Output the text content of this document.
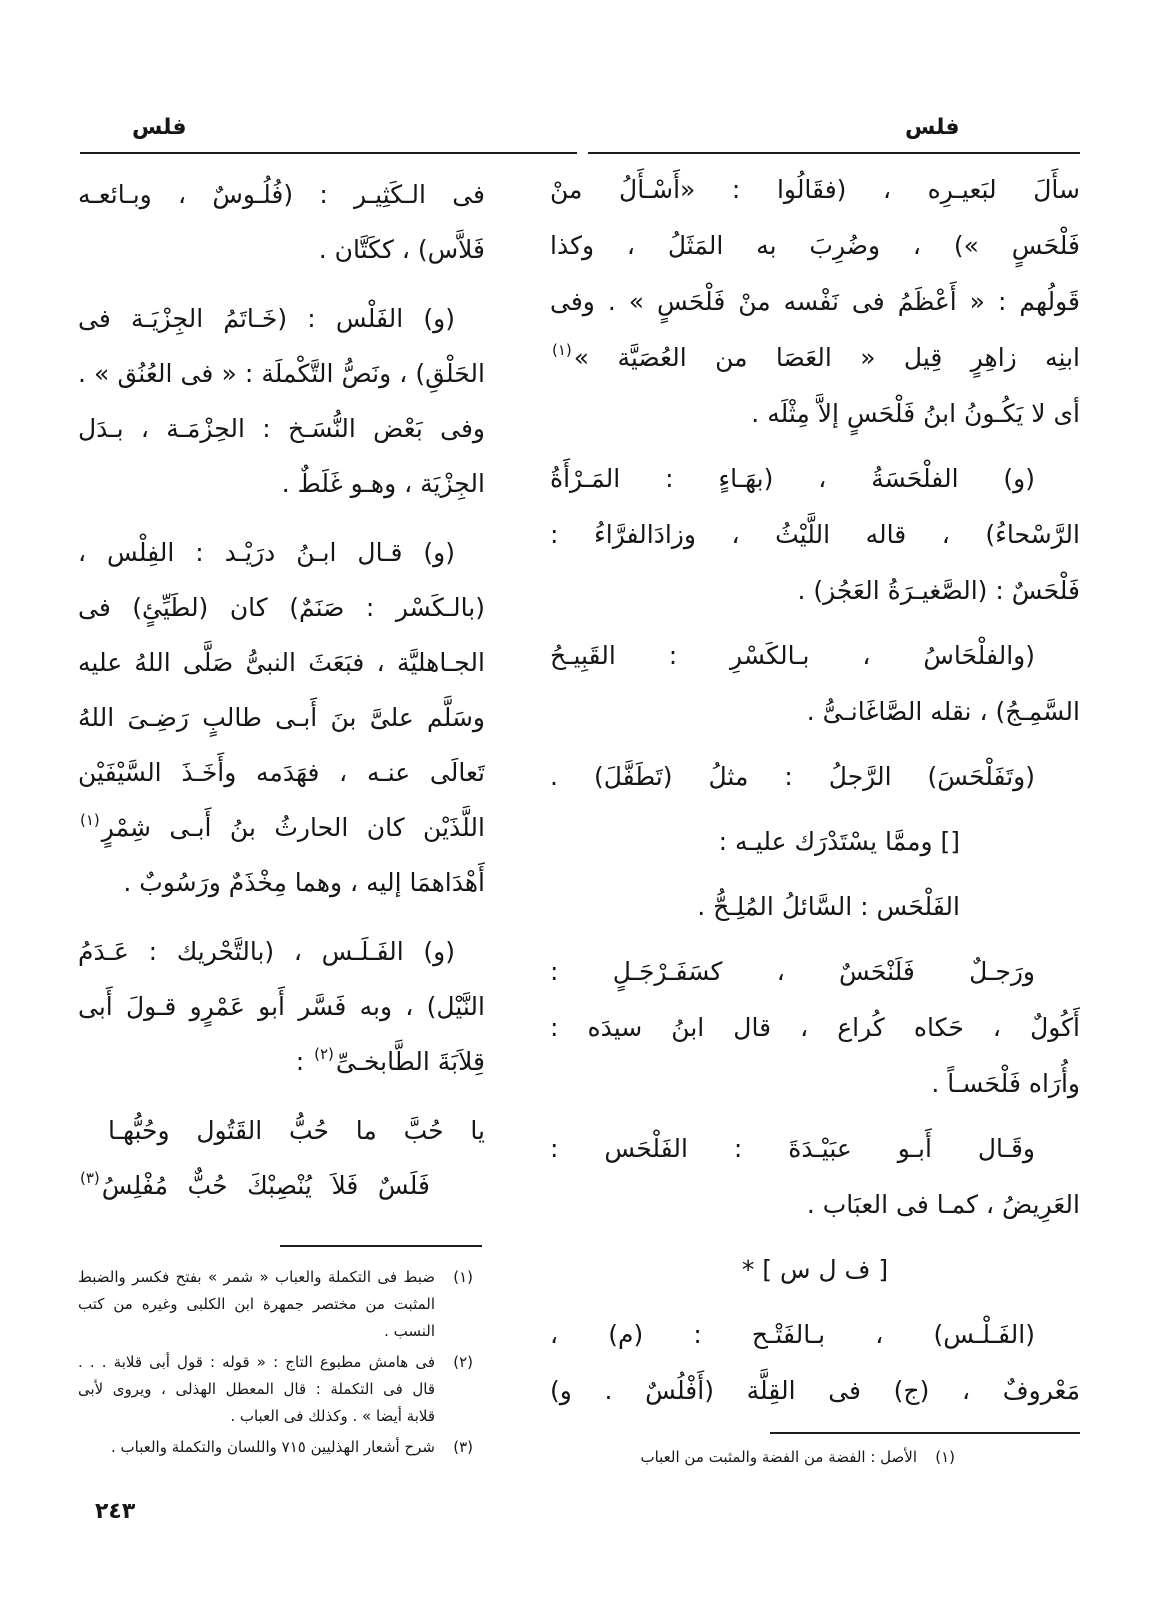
فلس	فلس
سأَلَ لبَعيـرِه ، (فقَالُوا : «أَسْـأَلُ منْ
فَلْحَسٍ ») ، وضُرِبَ به المَثَلُ ، وكذا
قَولُهم : « أَعْظَمُ فى نَفْسه منْ فَلْحَسٍ » . وفى
ابنِه زاهِرٍ قِيل « العَصَا من العُصَيَّة »$^{(١)}$
أى لا يَكُـونُ ابنُ فَلْحَسٍ إلاَّ مِثْلَه .
(و) الفلْحَسَةُ ، (بهَـاءٍ : المَـرْأَةُ
الرَّسْحاءُ) ، قاله اللَّيْثُ ، وزادَالفرَّاءُ :
فَلْحَسٌ : (الصَّغيـرَةُ العَجُز) .
(والفلْحَاسُ ، بـالكَسْرِ : القَبِيـحُ
السَّمِـجُ) ، نقله الصَّاغَانـىُّ .
(وتَفَلْحَسَ) الرَّجلُ : مثلُ (تَطَفَّلَ) .
[] وممَّا يسْتَدْرَك عليـه :
الفَلْحَس : السَّائلُ المُلِـحُّ .
ورَجـلٌ فَلَنْحَسٌ ، كسَفَـرْجَـلٍ :
أَكُولٌ ، حَكاه كُراع ، قال ابنُ سيدَه :
وأُرَاه فَلْحَسـاً .
وقَـال أَبـو عبَيْـدَةَ : الفَلْحَس :
العَرِيضُ ، كمـا فى العبَاب .
[ ف ل س ] *
(الفَـلْـس) ، بـالفَتْـح : (م) ،
مَعْروفٌ ، (ج) فى القِلَّة (أَفْلُسٌ . و)
(١)
الأصل : الفضة من الفضة والمثبت من العباب
فى الـكَثِيـر : (فُلُـوسٌ ، وبـائعـه
فَلاَّس) ، ككَتَّان .
(و) الفَلْس : (خَـاتَمُ الجِزْيَـة فى
الحَلْقِ) ، ونَصُّ التَّكْملَة : « فى العُنُق » .
وفى بَعْض النُّسَـخ : الحِزْمَـة ، بـدَل
الجِزْيَة ، وهـو غَلَطٌ .
(و) قـال ابـنُ درَيْـد : الفِلْس ،
(بالـكَسْر : صَنَمٌ) كان (لطَيِّئٍ) فى
الجـاهليَّة ، فبَعَثَ النبىُّ صَلَّى اللهُ عليه
وسَلَّم علىَّ بنَ أَبـى طالبٍ رَضِـىَ اللهُ
تَعالَى عنـه ، فهَدَمه وأَخَـذَ السَّيْفَيْن
اللَّذَيْن كان الحارثُ بنُ أَبـى شِمْرٍ$^{(١)}$
أَهْدَاهمَا إليه ، وهما مِخْذَمٌ ورَسُوبٌ .
(و) الفَـلَـس ، (بالتَّحْريك : عَـدَمُ
النَّيْل) ، وبه فَسَّر أَبو عَمْرٍو قـولَ أَبى
قِلاَبَةَ الطَّابخـىِّ$^{(٢)}$ :
يا حُبَّ ما حُبُّ القَتُول وحُبُّهـا
فَلَسٌ فَلاَ يُنْصِبْكَ حُبٌّ مُفْلِسُ$^{(٣)}$
(١)
ضبط فى التكملة والعباب « شمر » بفتح فكسر والضبط
المثبت من مختصر جمهرة ابن الكلبى وغيره من كتب
النسب .
(٢)
فى هامش مطبوع التاج : « قوله : قول أبى قلابة . . .
قال فى التكملة : قال المعطل الهذلى ، ويروى لأبى
قلابة أيضا » . وكذلك فى العباب .
(٣)
شرح أشعار الهذليين ٧١٥ واللسان والتكملة والعباب .
٢٤٣
